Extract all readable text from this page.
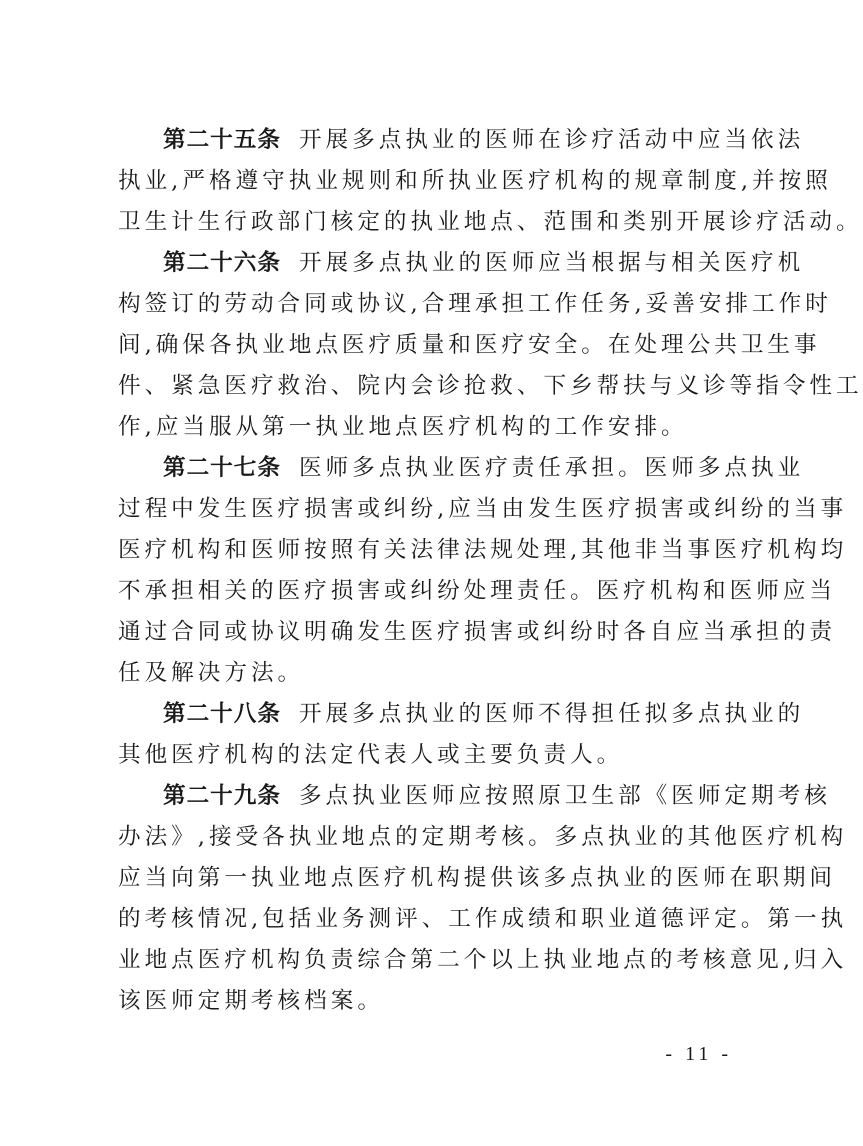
第二十五条 开展多点执业的医师在诊疗活动中应当依法
执业,严格遵守执业规则和所执业医疗机构的规章制度,并按照
卫生计生行政部门核定的执业地点、范围和类别开展诊疗活动。
第二十六条 开展多点执业的医师应当根据与相关医疗机
构签订的劳动合同或协议,合理承担工作任务,妥善安排工作时
间,确保各执业地点医疗质量和医疗安全。在处理公共卫生事
件、紧急医疗救治、院内会诊抢救、下乡帮扶与义诊等指令性工
作,应当服从第一执业地点医疗机构的工作安排。
第二十七条 医师多点执业医疗责任承担。医师多点执业
过程中发生医疗损害或纠纷,应当由发生医疗损害或纠纷的当事
医疗机构和医师按照有关法律法规处理,其他非当事医疗机构均
不承担相关的医疗损害或纠纷处理责任。医疗机构和医师应当
通过合同或协议明确发生医疗损害或纠纷时各自应当承担的责
任及解决方法。
第二十八条 开展多点执业的医师不得担任拟多点执业的
其他医疗机构的法定代表人或主要负责人。
第二十九条 多点执业医师应按照原卫生部《医师定期考核
办法》,接受各执业地点的定期考核。多点执业的其他医疗机构
应当向第一执业地点医疗机构提供该多点执业的医师在职期间
的考核情况,包括业务测评、工作成绩和职业道德评定。第一执
业地点医疗机构负责综合第二个以上执业地点的考核意见,归入
该医师定期考核档案。
- 11 -
